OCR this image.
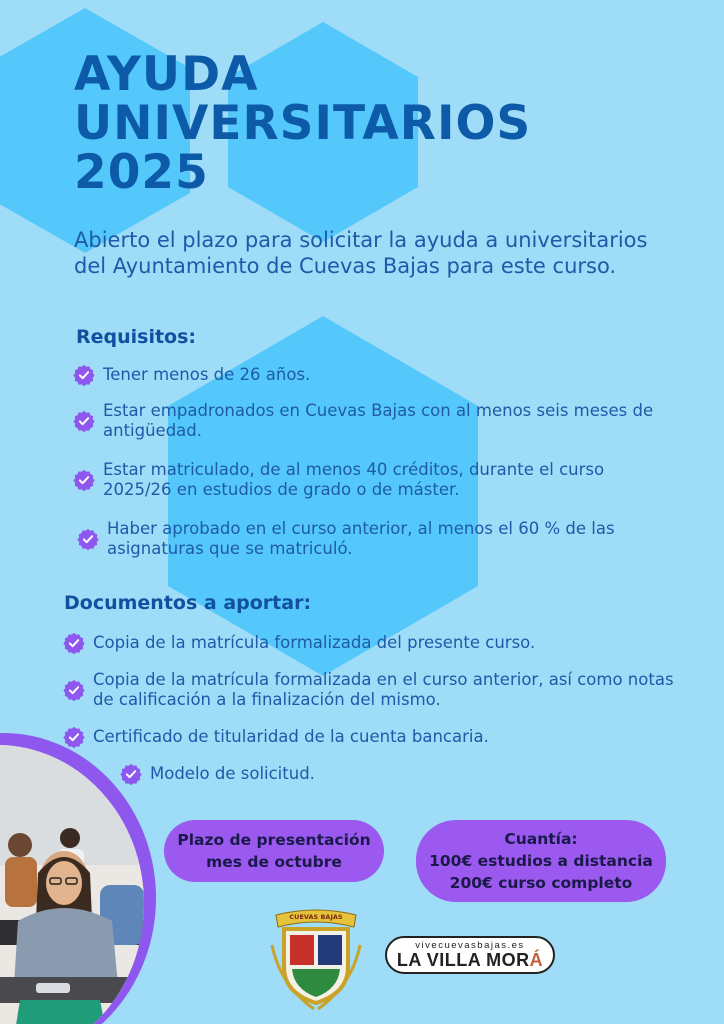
AYUDA
UNIVERSITARIOS
2025

Abierto el plazo para solicitar la ayuda a universitarios del Ayuntamiento de Cuevas Bajas para este curso.

Requisitos:
Tener menos de 26 años.
Estar empadronados en Cuevas Bajas con al menos seis meses de antigüedad.
Estar matriculado, de al menos 40 créditos, durante el curso 2025/26 en estudios de grado o de máster.
Haber aprobado en el curso anterior, al menos el 60 % de las asignaturas que se matriculó.
Documentos a aportar:
Copia de la matrícula formalizada del presente curso.
Copia de la matrícula formalizada en el curso anterior, así como notas de calificación a la finalización del mismo.
Certificado de titularidad de la cuenta bancaria.
Modelo de solicitud.
Plazo de presentación
mes de octubre
Cuantía:
100€ estudios a distancia
200€ curso completo
CUEVAS BAJAS
vivecuevasbajas.es
LA VILLA MORÁ
